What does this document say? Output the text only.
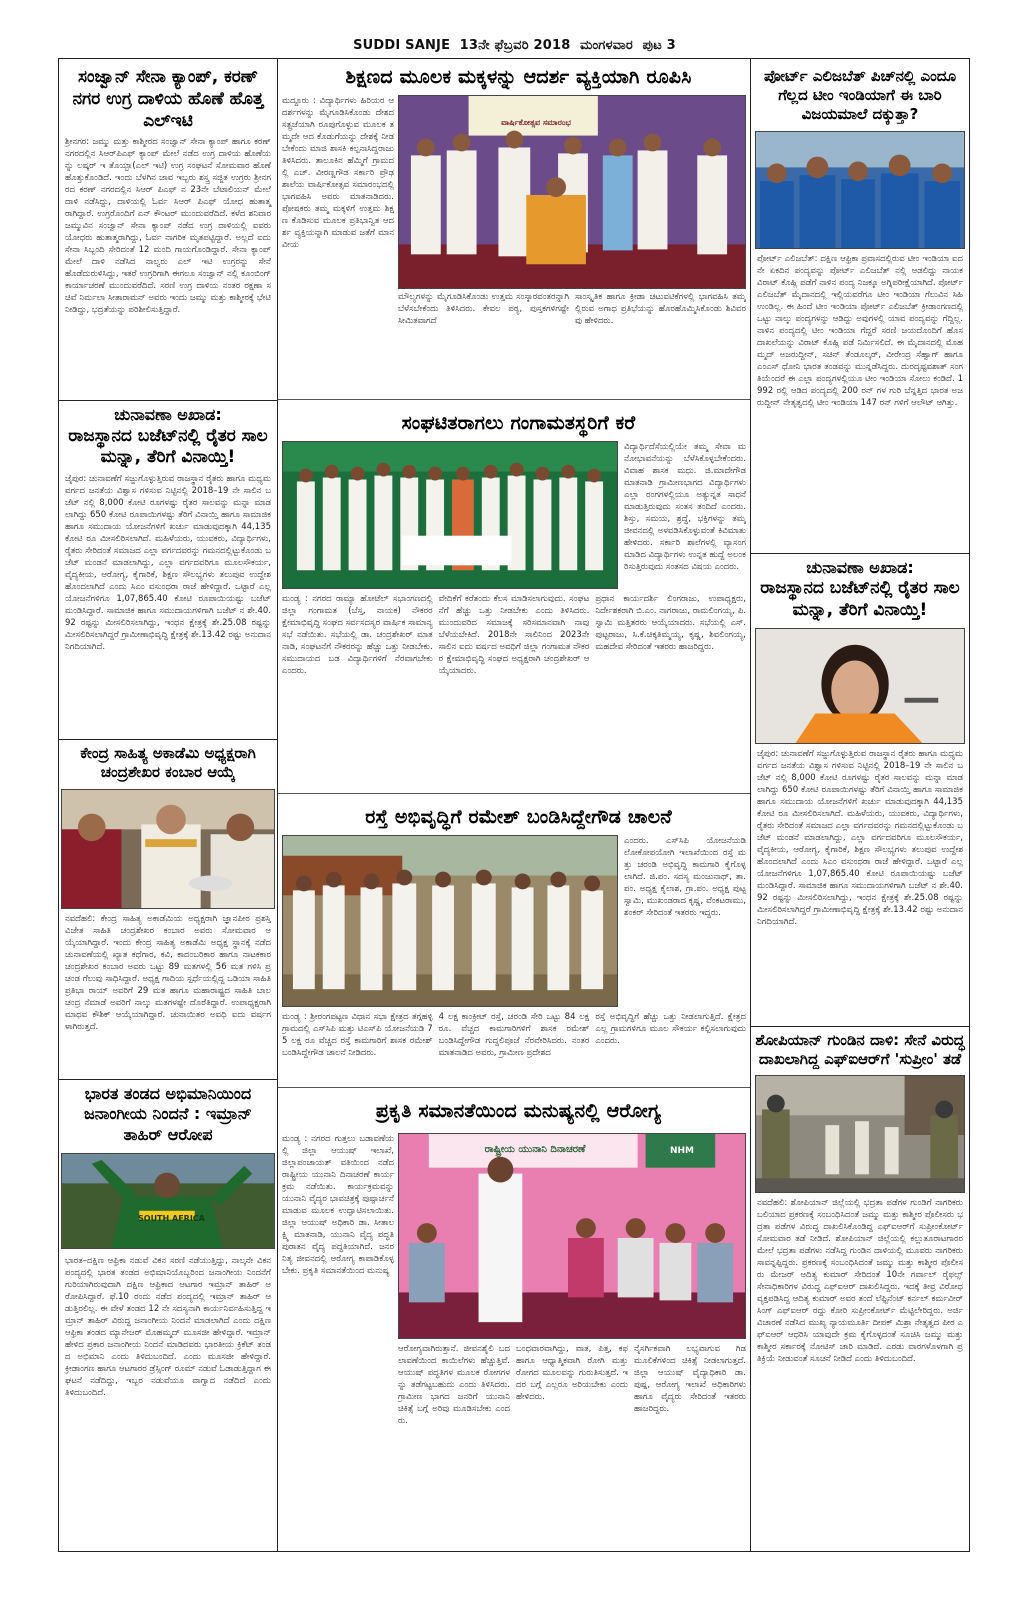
SUDDI SANJE 13ನೇ ಫೆಬ್ರವರಿ 2018 ಮಂಗಳವಾರ ಪುಟ 3

ಸಂಜ್ವಾನ್ ಸೇನಾ ಕ್ಯಾಂಪ್, ಕರಣ್ ನಗರ ಉಗ್ರ ದಾಳಿಯ ಹೊಣೆ ಹೊತ್ತ ಎಲ್ಇಟಿ

ಶ್ರೀನಗರ: ಜಮ್ಮು ಮತ್ತು ಕಾಶ್ಮೀರದ ಸಂಜ್ವಾನ್ ಸೇನಾ ಕ್ಯಾಂಪ್ ಹಾಗೂ ಕರಣ್ ನಗರದಲ್ಲಿನ ಸಿಆರ್‌ಪಿಎಫ್ ಕ್ಯಾಂಪ್ ಮೇಲೆ ನಡೆದ ಉಗ್ರ ದಾಳಿಯ ಹೊಣೆಯನ್ನು ಲಷ್ಕರ್ ಇ ತೊಯ್ಬಾ(ಎಲ್ ಇಟಿ) ಉಗ್ರ ಸಂಘಟನೆ ಸೋಮವಾರ ಹೊಣೆ ಹೊತ್ತುಕೊಂಡಿದೆ. ಇಂದು ಬೆಳಗಿನ ಜಾವ ಇಬ್ಬರು ಶಸ್ತ್ರ ಸಜ್ಜಿತ ಉಗ್ರರು ಶ್ರೀನಗರದ ಕರಣ್ ನಗರದಲ್ಲಿನ ಸಿಆರ್ ಪಿಎಫ್ ನ 23ನೇ ಬೆಟಾಲಿಯನ್ ಮೇಲೆ ದಾಳಿ ನಡೆಸಿದ್ದು, ದಾಳಿಯಲ್ಲಿ ಓರ್ವ ಸಿಆರ್ ಪಿಎಫ್ ಯೋಧ ಹುತಾತ್ಮರಾಗಿದ್ದಾರೆ. ಉಗ್ರರೊಂದಿಗೆ ಎನ್ ಕೌಂಟರ್ ಮುಂದುವರೆದಿದೆ. ಕಳೆದ ಶನಿವಾರ ಜಮ್ಮುವಿನ ಸಂಜ್ವಾನ್ ಸೇನಾ ಕ್ಯಾಂಪ್ ನಡೆದ ಉಗ್ರ ದಾಳಿಯಲ್ಲಿ ಐವರು ಯೋಧರು ಹುತಾತ್ಮರಾಗಿದ್ದು, ಓರ್ವ ನಾಗರಿಕ ಮೃತಪಟ್ಟಿದ್ದಾರೆ. ಅಲ್ಲದೆ ಐದು ಸೇನಾ ಸಿಬ್ಬಂದಿ ಸೇರಿದಂತೆ 12 ಮಂದಿ ಗಾಯಗೊಂಡಿದ್ದಾರೆ. ಸೇನಾ ಕ್ಯಾಂಪ್ ಮೇಲೆ ದಾಳಿ ನಡೆಸಿದ ನಾಲ್ವರು ಎಲ್ ಇಟಿ ಉಗ್ರರನ್ನು ಸೇನೆ ಹೊಡೆದುರುಳಿಸಿದ್ದು, ಇತರೆ ಉಗ್ರರಿಗಾಗಿ ಈಗಲೂ ಸಂಜ್ವಾನ್ ನಲ್ಲಿ ಕೂಂಬಿಂಗ್ ಕಾರ್ಯಾಚರಣೆ ಮುಂದುವರೆದಿದೆ. ಸರಣಿ ಉಗ್ರ ದಾಳಿಯ ನಂತರ ರಕ್ಷಣಾ ಸಚಿವೆ ನಿರ್ಮಲಾ ಸೀತಾರಾಮನ್ ಅವರು ಇಂದು ಜಮ್ಮು ಮತ್ತು ಕಾಶ್ಮೀರಕ್ಕೆ ಭೇಟಿ ನೀಡಿದ್ದು, ಭದ್ರತೆಯನ್ನು ಪರಿಶೀಲಿಸುತ್ತಿದ್ದಾರೆ.

ಚುನಾವಣಾ ಅಖಾಡ:

ರಾಜಸ್ಥಾನದ ಬಜೆಟ್‌ನಲ್ಲಿ ರೈತರ ಸಾಲ ಮನ್ನಾ, ತೆರಿಗೆ ವಿನಾಯ್ತಿ!

ಜೈಪುರ: ಚುನಾವಣೆಗೆ ಸಜ್ಜುಗೊಳ್ಳುತ್ತಿರುವ ರಾಜಸ್ಥಾನ ರೈತರು ಹಾಗೂ ಮಧ್ಯಮವರ್ಗದ ಜನತೆಯ ವಿಶ್ವಾಸ ಗಳಿಸುವ ನಿಟ್ಟಿನಲ್ಲಿ 2018–19 ನೇ ಸಾಲಿನ ಬಜೆಟ್ ನಲ್ಲಿ 8,000 ಕೋಟಿ ರೂಗಳಷ್ಟು ರೈತರ ಸಾಲವನ್ನು ಮನ್ನಾ ಮಾಡಲಾಗಿದ್ದು 650 ಕೋಟಿ ರೂಪಾಯಿಗಳಷ್ಟು ತೆರಿಗೆ ವಿನಾಯ್ತಿ ಹಾಗೂ ಸಾಮಾಜಿಕ ಹಾಗೂ ಸಮುದಾಯ ಯೋಜನೆಗಳಿಗೆ ಖರ್ಚು ಮಾಡುವುದಕ್ಕಾಗಿ 44,135 ಕೋಟಿ ರೂ ಮೀಸಲಿರಿಸಲಾಗಿದೆ. ಮಹಿಳೆಯರು, ಯುವಕರು, ವಿದ್ಯಾರ್ಥಿಗಳು, ರೈತರು ಸೇರಿದಂತೆ ಸಮಾಜದ ಎಲ್ಲಾ ವರ್ಗದವರನ್ನು ಗಮನದಲ್ಲಿಟ್ಟುಕೊಂಡು ಬಜೆಟ್ ಮಂಡನೆ ಮಾಡಲಾಗಿದ್ದು, ಎಲ್ಲಾ ವರ್ಗದವರಿಗೂ ಮೂಲಸೌಕರ್ಯ, ವೈದ್ಯಕೀಯ, ಆರೋಗ್ಯ, ಕೈಗಾರಿಕೆ, ಶಿಕ್ಷಣ ಸೌಲಭ್ಯಗಳು ತಲುಪುವ ಉದ್ದೇಶ ಹೊಂದಲಾಗಿದೆ ಎಂದು ಸಿಎಂ ವಸುಂಧರಾ ರಾಜೆ ಹೇಳಿದ್ದಾರೆ. ಒಟ್ಟಾರೆ ಎಲ್ಲ ಯೋಜನೆಗಳಿಗೂ 1,07,865.40 ಕೋಟಿ ರೂಪಾಯಿಯಷ್ಟು ಬಜೆಟ್ ಮಂಡಿಸಿದ್ದಾರೆ. ಸಾಮಾಜಿಕ ಹಾಗೂ ಸಮುದಾಯಗಳಿಗಾಗಿ ಬಜೆಟ್ ನ ಶೇ.40.92 ರಷ್ಟನ್ನು ಮೀಸಲಿರಿಸಲಾಗಿದ್ದು, ಇಂಧನ ಕ್ಷೇತ್ರಕ್ಕೆ ಶೇ.25.08 ರಷ್ಟನ್ನು ಮೀಸಲಿರಿಸಲಾಗಿದ್ದರೆ ಗ್ರಾಮೀಣಾಭಿವೃದ್ಧಿ ಕ್ಷೇತ್ರಕ್ಕೆ ಶೇ.13.42 ರಷ್ಟು ಅನುದಾನ ನಿಗದಿಯಾಗಿದೆ.

ಕೇಂದ್ರ ಸಾಹಿತ್ಯ ಅಕಾಡೆಮಿ ಅಧ್ಯಕ್ಷರಾಗಿ ಚಂದ್ರಶೇಖರ ಕಂಬಾರ ಆಯ್ಕೆ

ನವದೆಹಲಿ: ಕೇಂದ್ರ ಸಾಹಿತ್ಯ ಅಕಾಡೆಮಿಯ ಅಧ್ಯಕ್ಷರಾಗಿ ಜ್ಞಾನಪೀಠ ಪ್ರಶಸ್ತಿ ವಿಜೇತ ಸಾಹಿತಿ ಚಂದ್ರಶೇಖರ ಕಂಬಾರ ಅವರು ಸೋಮವಾರ ಆಯ್ಕೆಯಾಗಿದ್ದಾರೆ. ಇಂದು ಕೇಂದ್ರ ಸಾಹಿತ್ಯ ಅಕಾಡೆಮಿ ಅಧ್ಯಕ್ಷ ಸ್ಥಾನಕ್ಕೆ ನಡೆದ ಚುನಾವಣೆಯಲ್ಲಿ ಖ್ಯಾತ ಕಥೆಗಾರ, ಕವಿ, ಕಾದಂಬರಿಕಾರ ಹಾಗೂ ನಾಟಕಕಾರ ಚಂದ್ರಶೇಖರ ಕಂಬಾರ ಅವರು ಒಟ್ಟು 89 ಮತಗಳಲ್ಲಿ 56 ಮತ ಗಳಿಸಿ ಪ್ರಚಂಡ ಗೆಲುವು ಸಾಧಿಸಿದ್ದಾರೆ. ಅಧ್ಯಕ್ಷ ಗಾದಿಯ ಸ್ಪರ್ಧೆಯಲ್ಲಿದ್ದ ಒಡಿಯಾ ಸಾಹಿತಿ ಪ್ರತಿಭಾ ರಾಯ್ ಅವರಿಗೆ 29 ಮತ ಹಾಗೂ ಮಹಾರಾಷ್ಟ್ರದ ಸಾಹಿತಿ ಬಾಲಚಂದ್ರ ನೆಮಾಡೆ ಅವರಿಗೆ ನಾಲ್ಕು ಮತಗಳಷ್ಟೇ ದೊರೆತಿದ್ದಾರೆ. ಉಪಾಧ್ಯಕ್ಷರಾಗಿ ಮಾಧವ ಕೌಶಿಕ್ ಆಯ್ಕೆಯಾಗಿದ್ದಾರೆ. ಚುನಾಯಿತರ ಅವಧಿ ಐದು ವರ್ಷಗಳಾಗಿರುತ್ತದೆ.

ಭಾರತ ತಂಡದ ಅಭಿಮಾನಿಯಿಂದ ಜನಾಂಗೀಯ ನಿಂದನೆ : ಇಮ್ರಾನ್ ತಾಹಿರ್ ಆರೋಪ

SOUTH AFRICA

ಭಾರತ–ದಕ್ಷಿಣ ಆಫ್ರಿಕಾ ನಡುವೆ ವಿಕನ ಸರಣಿ ನಡೆಯುತ್ತಿದ್ದು, ನಾಲ್ಕನೇ ವಿಕನ ಪಂದ್ಯದಲ್ಲಿ ಭಾರತ ತಂಡದ ಅಭಿಮಾನಿಯೊಬ್ಬರಿಂದ ಜನಾಂಗೀಯ ನಿಂದನೆಗೆ ಗುರಿಯಾಗಿರುವುದಾಗಿ ದಕ್ಷಿಣ ಆಫ್ರಿಕಾದ ಆಟಗಾರ ಇಮ್ರಾನ್ ತಾಹಿರ್ ಆರೋಪಿಸಿದ್ದಾರೆ. ಫೆ.10 ರಂದು ನಡೆದ ಪಂದ್ಯದಲ್ಲಿ ಇಮ್ರಾನ್ ತಾಹಿರ್ ಆಡುತ್ತಿರಲಿಲ್ಲ. ಈ ವೇಳೆ ತಂಡದ 12 ನೇ ಸದಸ್ಯನಾಗಿ ಕಾರ್ಯನಿರ್ವಹಿಸುತ್ತಿದ್ದ ಇಮ್ರಾನ್ ತಾಹಿರ್ ವಿರುದ್ಧ ಜನಾಂಗೀಯ ನಿಂದನೆ ಮಾಡಲಾಗಿದೆ ಎಂದು ದಕ್ಷಿಣ ಆಫ್ರಿಕಾ ತಂಡದ ಮ್ಯಾನೇಜರ್ ಮೊಹಮ್ಮದ್ ಮೂಸಜೀ ಹೇಳಿದ್ದಾರೆ. ಇಮ್ರಾನ್ ಹೇಳಿದ ಪ್ರಕಾರ ಜನಾಂಗೀಯ ನಿಂದನೆ ಮಾಡಿದವರು ಭಾರತೀಯ ಕ್ರಿಕೆಟ್ ತಂಡದ ಅಭಿಮಾನಿ ಎಂದು ತಿಳಿದುಬಂದಿದೆ. ಎಂದು ಮೂಸಜೀ ಹೇಳಿದ್ದಾರೆ. ಕ್ರೀಡಾಂಗಣ ಹಾಗೂ ಆಟಗಾರರ ಡ್ರೆಸ್ಸಿಂಗ್ ರೂಮ್ ನಡುವೆ ಓಡಾಡುತ್ತಿದ್ದಾಗ ಈ ಘಟನೆ ನಡೆದಿದ್ದು, ಇಬ್ಬರ ನಡುವೆಯೂ ವಾಗ್ವಾದ ನಡೆದಿದೆ ಎಂದು ತಿಳಿದುಬಂದಿದೆ.

ಶಿಕ್ಷಣದ ಮೂಲಕ ಮಕ್ಕಳನ್ನು ಆದರ್ಶ ವ್ಯಕ್ತಿಯಾಗಿ ರೂಪಿಸಿ

ಮದ್ದೂರು : ವಿದ್ಯಾರ್ಥಿಗಳು ಹಿರಿಯರ ಆದರ್ಶಗಳನ್ನು ಮೈಗೂಡಿಸಿಕೊಂಡು ದೇಶದ ಸತ್ಪ್ರಜೆಯಾಗಿ ರೂಪುಗೊಳ್ಳುವ ಮೂಲಕ ತಮ್ಮದೇ ಆದ ಕೊಡುಗೆಯನ್ನು ದೇಶಕ್ಕೆ ನೀಡಬೇಕೆಂದು ಮಾಜಿ ಶಾಸಕಿ ಕಲ್ಪನಾಸಿದ್ದರಾಜು ತಿಳಿಸಿದರು. ತಾಲೂಕಿನ ಹೆಮ್ಮಿಗೆ ಗ್ರಾಮದಲ್ಲಿ ಎಚ್. ವೀರಣ್ಣಗೌಡ ಸರ್ಕಾರಿ ಪ್ರೌಢಶಾಲೆಯ ವಾರ್ಷಿಕೋತ್ಸವ ಸಮಾರಂಭದಲ್ಲಿ ಭಾಗವಹಿಸಿ ಅವರು ಮಾತನಾಡಿದರು. ಪೋಷಕರು ತಮ್ಮ ಮಕ್ಕಳಿಗೆ ಉತ್ತಮ ಶಿಕ್ಷಣ ಕೊಡಿಸುವ ಮೂಲಕ ಪ್ರತಿಭಾನ್ವಿತ ಆದರ್ಶ ವ್ಯಕ್ತಿಯನ್ನಾಗಿ ಮಾಡುವ ಜತೆಗೆ ಮಾನವೀಯ

ವಾರ್ಷಿಕೋತ್ಸವ ಸಮಾರಂಭ

ಮೌಲ್ಯಗಳನ್ನು ಮೈಗೂಡಿಸಿಕೊಂಡು ಉತ್ತಮ ಸಂಸ್ಕಾರವಂತರನ್ನಾಗಿ ಬೆಳೆಸಬೇಕೆಂದು ತಿಳಿಸಿದರು. ಕೇವಲ ಪಠ್ಯ, ಪುಸ್ತಕಗಳಿಗಷ್ಟೇ ಸೀಮಿತವಾಗದೆ

ಸಾಂಸ್ಕೃತಿಕ ಹಾಗೂ ಕ್ರೀಡಾ ಚಟುವಟಿಕೆಗಳಲ್ಲಿ ಭಾಗವಹಿಸಿ ತಮ್ಮಲ್ಲಿರುವ ಅಗಾಧ ಪ್ರತಿಭೆಯನ್ನು ಹೊರಹೊಮ್ಮಿಸಿಕೊಂಡು ಶಿವಿವರವು ಹೇಳಿದರು.

ಸಂಘಟಿತರಾಗಲು ಗಂಗಾಮತಸ್ಥರಿಗೆ ಕರೆ

ವಿದ್ಯಾರ್ಥಿದೆಸೆಯಲ್ಲಿಯೇ ತಮ್ಮ ಸೇವಾ ಮನೋಭಾವನೆಯನ್ನು ಬೆಳೆಸಿಕೊಳ್ಳಬೇಕೆಂದರು. ವಿವಾಹ ಶಾಸಕ ಮಧು. ಜಿ.ಮಾದೇಗೌಡ ಮಾತನಾಡಿ ಗ್ರಾಮೀಣಭಾಗದ ವಿದ್ಯಾರ್ಥಿಗಳು ಎಲ್ಲಾ ರಂಗಗಳಲ್ಲಿಯೂ ಅತ್ಯುನ್ನತ ಸಾಧನೆ ಮಾಡುತ್ತಿರುವುದು ಸಂತಸ ತಂದಿದೆ ಎಂದರು. ಶಿಸ್ತು, ಸಮಯ, ಶ್ರದ್ಧೆ, ಭಕ್ತಿಗಳನ್ನು ತಮ್ಮ ಜೀವನದಲ್ಲಿ ಅಳವಡಿಸಿಕೊಳ್ಳುವಂತೆ ಕಿವಿಮಾತು ಹೇಳಿದರು. ಸರ್ಕಾರಿ ಶಾಲೆಗಳಲ್ಲಿ ವ್ಯಾಸಂಗ ಮಾಡಿದ ವಿದ್ಯಾರ್ಥಿಗಳು ಉನ್ನತ ಹುದ್ದೆ ಅಲಂಕರಿಸುತ್ತಿರುವುದು ಸಂತಸದ ವಿಷಯ ಎಂದರು.

ಮಂಡ್ಯ : ನಗರದ ರಾಮ್ಯಾ ಹೋಟೆಲ್ ಸಭಾಂಗಣದಲ್ಲಿ ಜಿಲ್ಲಾ ಗಂಗಾಮತ (ಬೆಸ್ತ, ನಾಯಕ) ನೌಕರರ ಕ್ಷೇಮಾಭಿವೃದ್ಧಿ ಸಂಘದ ಸರ್ವಸದಸ್ಯರ ವಾರ್ಷಿಕ ಸಾಮಾನ್ಯ ಸಭೆ ನಡೆಯಿತು. ಸಭೆಯಲ್ಲಿ ಡಾ. ಚಂದ್ರಶೇಖರ್ ಮಾತನಾಡಿ, ಸಂಘಟನೆಗೆ ನೌಕರರನ್ನು ಹೆಚ್ಚು ಒತ್ತು ನೀಡಬೇಕು. ಸಮುದಾಯದ ಬಡ ವಿದ್ಯಾರ್ಥಿಗಳಿಗೆ ನೆರವಾಗಬೇಕು ಎಂದರು.

ವೇದಿಕೆಗೆ ಕರೆತಂದು ಕೆಲಸ ಮಾಡಿಸಲಾಗುವುದು. ಸಂಘಟನೆಗೆ ಹೆಚ್ಚು ಒತ್ತು ನೀಡಬೇಕು ಎಂದು ತಿಳಿಸಿದರು. ಮುಂದುವರಿದ ಸಮಾಜಕ್ಕೆ ಸರಿಸಮಾನವಾಗಿ ನಾವು ಬೆಳೆಯಬೇಕಿದೆ. 2018ನೇ ಸಾಲಿನಿಂದ 2023ನೇ ಸಾಲಿನ ಐದು ವರ್ಷದ ಅವಧಿಗೆ ಜಿಲ್ಲಾ ಗಂಗಾಮತ ನೌಕರರ ಕ್ಷೇಮಾಭಿವೃದ್ಧಿ ಸಂಘದ ಅಧ್ಯಕ್ಷರಾಗಿ ಚಂದ್ರಶೇಖರ್ ಆಯ್ಕೆಯಾದರು.

ಪ್ರಧಾನ ಕಾರ್ಯದರ್ಶಿ ಲಿಂಗರಾಜು, ಉಪಾಧ್ಯಕ್ಷರು, ನಿರ್ದೇಶಕರಾಗಿ ಬಿ.ಎಂ. ನಾಗರಾಜು, ರಾಮಲಿಂಗಯ್ಯ, ಪಿ.ಸ್ವಾಮಿ ಮತ್ತಿತರರು ಆಯ್ಕೆಯಾದರು. ಸಭೆಯಲ್ಲಿ ಎಸ್.ಪುಟ್ಟರಾಜು, ಸಿ.ಕೆ.ಚಿಕ್ಕತಿಮ್ಮಯ್ಯ, ಕೃಷ್ಣ, ಶಿವಲಿಂಗಯ್ಯ, ಮಹದೇವ ಸೇರಿದಂತೆ ಇತರರು ಹಾಜರಿದ್ದರು.

ರಸ್ತೆ ಅಭಿವೃದ್ಧಿಗೆ ರಮೇಶ್ ಬಂಡಿಸಿದ್ದೇಗೌಡ ಚಾಲನೆ

ಎಂದರು. ಎಸ್‌ಸಿಪಿ ಯೋಜನೆಯಡಿ ಲೋಕೋಪಯೋಗಿ ಇಲಾಖೆಯಿಂದ ರಸ್ತೆ ಮತ್ತು ಚರಂಡಿ ಅಭಿವೃದ್ಧಿ ಕಾಮಗಾರಿ ಕೈಗೊಳ್ಳಲಾಗಿದೆ. ಜಿ.ಪಂ. ಸದಸ್ಯ ಮಂಜುನಾಥ್, ತಾ.ಪಂ. ಅಧ್ಯಕ್ಷ ಕೈಲಾಶ, ಗ್ರಾ.ಪಂ. ಅಧ್ಯಕ್ಷ ಪುಟ್ಟಸ್ವಾಮಿ, ಮುಖಂಡರಾದ ಕೃಷ್ಣ, ವೆಂಕಟರಾಮು, ಶಂಕರ್ ಸೇರಿದಂತೆ ಇತರರು ಇದ್ದರು.

ಮಂಡ್ಯ : ಶ್ರೀರಂಗಪಟ್ಟಣ ವಿಧಾನ ಸಭಾ ಕ್ಷೇತ್ರದ ತಗ್ಗಹಳ್ಳಿ ಗ್ರಾಮದಲ್ಲಿ ಎಸ್‌ಸಿಪಿ ಮತ್ತು ಟಿಎಸ್‌ಪಿ ಯೋಜನೆಯಡಿ 75 ಲಕ್ಷ ರೂ ವೆಚ್ಚದ ರಸ್ತೆ ಕಾಮಗಾರಿಗೆ ಶಾಸಕ ರಮೇಶ್ ಬಂಡಿಸಿದ್ದೇಗೌಡ ಚಾಲನೆ ನೀಡಿದರು.

4 ಲಕ್ಷ ಕಾಂಕ್ರೀಟ್ ರಸ್ತೆ, ಚರಂಡಿ ಸೇರಿ ಒಟ್ಟು 84 ಲಕ್ಷ ರೂ. ವೆಚ್ಚದ ಕಾಮಗಾರಿಗಳಿಗೆ ಶಾಸಕ ರಮೇಶ್ ಬಂಡಿಸಿದ್ದೇಗೌಡ ಗುದ್ದಲಿಪೂಜೆ ನೆರವೇರಿಸಿದರು. ನಂತರ ಮಾತನಾಡಿದ ಅವರು, ಗ್ರಾಮೀಣ ಪ್ರದೇಶದ

ರಸ್ತೆ ಅಭಿವೃದ್ಧಿಗೆ ಹೆಚ್ಚು ಒತ್ತು ನೀಡಲಾಗುತ್ತಿದೆ. ಕ್ಷೇತ್ರದ ಎಲ್ಲ ಗ್ರಾಮಗಳಿಗೂ ಮೂಲ ಸೌಕರ್ಯ ಕಲ್ಪಿಸಲಾಗುವುದು ಎಂದರು.

ಪ್ರಕೃತಿ ಸಮಾನತೆಯಿಂದ ಮನುಷ್ಯನಲ್ಲಿ ಆರೋಗ್ಯ

ಮಂಡ್ಯ : ನಗರದ ಗುತ್ತಲು ಬಡಾವಣೆಯಲ್ಲಿ ಜಿಲ್ಲಾ ಆಯುಷ್ ಇಲಾಖೆ, ಜಿಲ್ಲಾಪಂಚಾಯತ್ ವತಿಯಿಂದ ನಡೆದ ರಾಷ್ಟ್ರೀಯ ಯುನಾನಿ ದಿನಾಚರಣೆ ಕಾರ್ಯಕ್ರಮ ನಡೆಯಿತು. ಕಾರ್ಯಕ್ರಮವನ್ನು ಯುನಾನಿ ವೈದ್ಯರ ಭಾವಚಿತ್ರಕ್ಕೆ ಪುಷ್ಪಾರ್ಚನೆ ಮಾಡುವ ಮೂಲಕ ಉದ್ಘಾಟಿಸಲಾಯಿತು. ಜಿಲ್ಲಾ ಆಯುಷ್ ಅಧಿಕಾರಿ ಡಾ. ಸೀತಾಲಕ್ಷ್ಮಿ ಮಾತನಾಡಿ, ಯುನಾನಿ ವೈದ್ಯ ಪದ್ಧತಿ ಪುರಾತನ ವೈದ್ಯ ಪದ್ಧತಿಯಾಗಿದೆ. ಜನರ ನಿತ್ಯ ಜೀವನದಲ್ಲಿ ಆರೋಗ್ಯ ಕಾಪಾಡಿಕೊಳ್ಳಬೇಕು. ಪ್ರಕೃತಿ ಸಮಾನತೆಯಿಂದ ಮನುಷ್ಯ

ರಾಷ್ಟ್ರೀಯ ಯುನಾನಿ ದಿನಾಚರಣೆ	NHM

ಆರೋಗ್ಯವಾಗಿರುತ್ತಾನೆ. ಜೀವನಶೈಲಿ ಬದಲಾವಣೆಯಿಂದ ಕಾಯಿಲೆಗಳು ಹೆಚ್ಚುತ್ತಿವೆ. ಆಯುಷ್ ಪದ್ಧತಿಗಳ ಮೂಲಕ ರೋಗಗಳನ್ನು ತಡೆಗಟ್ಟಬಹುದು ಎಂದು ತಿಳಿಸಿದರು. ಗ್ರಾಮೀಣ ಭಾಗದ ಜನರಿಗೆ ಯುನಾನಿ ಚಿಕಿತ್ಸೆ ಬಗ್ಗೆ ಅರಿವು ಮೂಡಿಸಬೇಕು ಎಂದರು.

ಬಂಧವಾರವಾಗಿದ್ದು, ವಾತ, ಪಿತ್ತ, ಕಫ ಹಾಗೂ ಆಧ್ಯಾತ್ಮಿಕವಾಗಿ ರೋಗಿ ಮತ್ತು ರೋಗದ ಮೂಲವನ್ನು ಗುರುತಿಸುತ್ತದೆ. ಇದರ ಬಗ್ಗೆ ಎಲ್ಲರೂ ಅರಿಯಬೇಕು ಎಂದು ಹೇಳಿದರು.

ನೈಸರ್ಗಿಕವಾಗಿ ಲಭ್ಯವಾಗುವ ಗಿಡ ಮೂಲಿಕೆಗಳಿಂದ ಚಿಕಿತ್ಸೆ ನೀಡಲಾಗುತ್ತದೆ. ಜಿಲ್ಲಾ ಆಯುಷ್ ವೈದ್ಯಾಧಿಕಾರಿ ಡಾ. ಪುಷ್ಪ, ಆರೋಗ್ಯ ಇಲಾಖೆ ಅಧಿಕಾರಿಗಳು ಹಾಗೂ ವೈದ್ಯರು ಸೇರಿದಂತೆ ಇತರರು ಹಾಜರಿದ್ದರು.

ಪೋರ್ಟ್ ಎಲಿಜಬೆತ್ ಪಿಚ್‌ನಲ್ಲಿ ಎಂದೂ ಗೆಲ್ಲದ ಟೀಂ ಇಂಡಿಯಾಗೆ ಈ ಬಾರಿ ವಿಜಯಮಾಲೆ ದಕ್ಕುತ್ತಾ?

ಪೋರ್ಟ್ ಎಲಿಜಬೆತ್: ದಕ್ಷಿಣ ಆಫ್ರಿಕಾ ಪ್ರವಾಸದಲ್ಲಿರುವ ಟೀಂ ಇಂಡಿಯಾ ಐದನೇ ಏಕದಿನ ಪಂದ್ಯವನ್ನು ಪೋರ್ಟ್ ಎಲಿಜಬೆತ್ ನಲ್ಲಿ ಆಡಲಿದ್ದು ನಾಯಕ ವಿರಾಟ್ ಕೊಹ್ಲಿ ಪಡೆಗೆ ನಾಳಿನ ಪಂದ್ಯ ನಿಜಕ್ಕೂ ಅಗ್ನಿಪರೀಕ್ಷೆಯಾಗಿದೆ. ಪೋರ್ಟ್ ಎಲಿಜಬೆತ್ ಮೈದಾನದಲ್ಲಿ ಇಲ್ಲಿಯವರೆಗೂ ಟೀಂ ಇಂಡಿಯಾ ಗೆಲುವಿನ ಸಿಹಿ ಉಂಡಿಲ್ಲ. ಈ ಹಿಂದೆ ಟೀಂ ಇಂಡಿಯಾ ಪೋರ್ಟ್ ಎಲಿಜಬೆತ್ ಕ್ರೀಡಾಂಗಣದಲ್ಲಿ ಒಟ್ಟು ನಾಲ್ಕು ಪಂದ್ಯಗಳನ್ನು ಆಡಿದ್ದು ಅವುಗಳಲ್ಲಿ ಯಾವ ಪಂದ್ಯವನ್ನು ಗೆದ್ದಿಲ್ಲ. ನಾಳಿನ ಪಂದ್ಯದಲ್ಲಿ ಟೀಂ ಇಂಡಿಯಾ ಗೆದ್ದರೆ ಸರಣಿ ಜಯದೊಂದಿಗೆ ಹೊಸ ದಾಖಲೆಯನ್ನು ವಿರಾಟ್ ಕೊಹ್ಲಿ ಪಡೆ ನಿರ್ಮಿಸಲಿದೆ. ಈ ಮೈದಾನದಲ್ಲಿ ಮೊಹಮ್ಮದ್ ಅಜರುದ್ದೀನ್, ಸಚಿನ್ ತೆಂಡೂಲ್ಕರ್, ವೀರೇಂದ್ರ ಸೆಹ್ವಾಗ್ ಹಾಗೂ ಎಂಎಸ್ ಧೋನಿ ಭಾರತ ತಂಡವನ್ನು ಮುನ್ನಡೆಸಿದ್ದರು. ದುರದೃಷ್ಟವಶಾತ್ ಸಂಗತಿಯೆಂದರೆ ಈ ಎಲ್ಲಾ ಪಂದ್ಯಗಳಲ್ಲಿಯೂ ಟೀಂ ಇಂಡಿಯಾ ಸೋಲು ಕಂಡಿದೆ. 1992 ರಲ್ಲಿ ಆಡಿದ ಪಂದ್ಯದಲ್ಲಿ 200 ರನ್ ಗಳ ಗುರಿ ಬೆನ್ನತ್ತಿದ ಭಾರತ ಅಜರುದ್ದೀನ್ ನೇತೃತ್ವದಲ್ಲಿ ಟೀಂ ಇಂಡಿಯಾ 147 ರನ್ ಗಳಿಗೆ ಆಲೌಟ್ ಆಗಿತ್ತು.

ಚುನಾವಣಾ ಅಖಾಡ:

ರಾಜಸ್ಥಾನದ ಬಜೆಟ್‌ನಲ್ಲಿ ರೈತರ ಸಾಲ ಮನ್ನಾ, ತೆರಿಗೆ ವಿನಾಯ್ತಿ!

ಜೈಪುರ: ಚುನಾವಣೆಗೆ ಸಜ್ಜುಗೊಳ್ಳುತ್ತಿರುವ ರಾಜಸ್ಥಾನ ರೈತರು ಹಾಗೂ ಮಧ್ಯಮವರ್ಗದ ಜನತೆಯ ವಿಶ್ವಾಸ ಗಳಿಸುವ ನಿಟ್ಟಿನಲ್ಲಿ 2018–19 ನೇ ಸಾಲಿನ ಬಜೆಟ್ ನಲ್ಲಿ 8,000 ಕೋಟಿ ರೂಗಳಷ್ಟು ರೈತರ ಸಾಲವನ್ನು ಮನ್ನಾ ಮಾಡಲಾಗಿದ್ದು 650 ಕೋಟಿ ರೂಪಾಯಿಗಳಷ್ಟು ತೆರಿಗೆ ವಿನಾಯ್ತಿ ಹಾಗೂ ಸಾಮಾಜಿಕ ಹಾಗೂ ಸಮುದಾಯ ಯೋಜನೆಗಳಿಗೆ ಖರ್ಚು ಮಾಡುವುದಕ್ಕಾಗಿ 44,135 ಕೋಟಿ ರೂ ಮೀಸಲಿರಿಸಲಾಗಿದೆ. ಮಹಿಳೆಯರು, ಯುವಕರು, ವಿದ್ಯಾರ್ಥಿಗಳು, ರೈತರು ಸೇರಿದಂತೆ ಸಮಾಜದ ಎಲ್ಲಾ ವರ್ಗದವರನ್ನು ಗಮನದಲ್ಲಿಟ್ಟುಕೊಂಡು ಬಜೆಟ್ ಮಂಡನೆ ಮಾಡಲಾಗಿದ್ದು, ಎಲ್ಲಾ ವರ್ಗದವರಿಗೂ ಮೂಲಸೌಕರ್ಯ, ವೈದ್ಯಕೀಯ, ಆರೋಗ್ಯ, ಕೈಗಾರಿಕೆ, ಶಿಕ್ಷಣ ಸೌಲಭ್ಯಗಳು ತಲುಪುವ ಉದ್ದೇಶ ಹೊಂದಲಾಗಿದೆ ಎಂದು ಸಿಎಂ ವಸುಂಧರಾ ರಾಜೆ ಹೇಳಿದ್ದಾರೆ. ಒಟ್ಟಾರೆ ಎಲ್ಲ ಯೋಜನೆಗಳಿಗೂ 1,07,865.40 ಕೋಟಿ ರೂಪಾಯಿಯಷ್ಟು ಬಜೆಟ್ ಮಂಡಿಸಿದ್ದಾರೆ. ಸಾಮಾಜಿಕ ಹಾಗೂ ಸಮುದಾಯಗಳಿಗಾಗಿ ಬಜೆಟ್ ನ ಶೇ.40.92 ರಷ್ಟನ್ನು ಮೀಸಲಿರಿಸಲಾಗಿದ್ದು, ಇಂಧನ ಕ್ಷೇತ್ರಕ್ಕೆ ಶೇ.25.08 ರಷ್ಟನ್ನು ಮೀಸಲಿರಿಸಲಾಗಿದ್ದರೆ ಗ್ರಾಮೀಣಾಭಿವೃದ್ಧಿ ಕ್ಷೇತ್ರಕ್ಕೆ ಶೇ.13.42 ರಷ್ಟು ಅನುದಾನ ನಿಗದಿಯಾಗಿದೆ.

ಶೋಪಿಯಾನ್ ಗುಂಡಿನ ದಾಳಿ: ಸೇನೆ ವಿರುದ್ಧ ದಾಖಲಾಗಿದ್ದ ಎಫ್ಐಆರ್‌ಗೆ 'ಸುಪ್ರೀಂ' ತಡೆ

ನವದೆಹಲಿ: ಶೋಪಿಯಾನ್ ಜಿಲ್ಲೆಯಲ್ಲಿ ಭದ್ರತಾ ಪಡೆಗಳ ಗುಂಡಿಗೆ ನಾಗರಿಕರು ಬಲಿಯಾದ ಪ್ರಕರಣಕ್ಕೆ ಸಂಬಂಧಿಸಿದಂತೆ ಜಮ್ಮು ಮತ್ತು ಕಾಶ್ಮೀರ ಪೊಲೀಸರು ಭದ್ರತಾ ಪಡೆಗಳ ವಿರುದ್ಧ ದಾಖಲಿಸಿಕೊಂಡಿದ್ದ ಎಫ್ಐಆರ್‌ಗೆ ಸುಪ್ರೀಂಕೋರ್ಟ್ ಸೋಮವಾರ ತಡೆ ನೀಡಿದೆ. ಶೋಪಿಯಾನ್ ಜಿಲ್ಲೆಯಲ್ಲಿ ಕಲ್ಲುತೂರಾಟಗಾರರ ಮೇಲೆ ಭದ್ರತಾ ಪಡೆಗಳು ನಡೆಸಿದ್ದ ಗುಂಡಿನ ದಾಳಿಯಲ್ಲಿ ಮೂವರು ನಾಗರಿಕರು ಸಾವನ್ನಪ್ಪಿದ್ದರು. ಪ್ರಕರಣಕ್ಕೆ ಸಂಬಂಧಿಸಿದಂತೆ ಜಮ್ಮು ಮತ್ತು ಕಾಶ್ಮೀರ ಪೊಲೀಸರು ಮೇಜರ್ ಆದಿತ್ಯ ಕುಮಾರ್ ಸೇರಿದಂತೆ 10ನೇ ಗರ್ವಾಲ್ ರೈಫಲ್ಸ್ ಸೇನಾಧಿಕಾರಿಗಳ ವಿರುದ್ಧ ಎಫ್ಐಆರ್ ದಾಖಲಿಸಿದ್ದರು. ಇದಕ್ಕೆ ತೀವ್ರ ವಿರೋಧ ವ್ಯಕ್ತಪಡಿಸಿದ್ದ ಆದಿತ್ಯ ಕುಮಾರ್ ಅವರ ತಂದೆ ಲೆಫ್ಟಿನೆಂಟ್ ಕರ್ನಲ್ ಕರ್ಮವೀರ್ ಸಿಂಗ್ ಎಫ್ಐಆರ್ ರದ್ದು ಕೋರಿ ಸುಪ್ರೀಂಕೋರ್ಟ್ ಮೆಟ್ಟಿಲೇರಿದ್ದರು. ಅರ್ಜಿ ವಿಚಾರಣೆ ನಡೆಸಿದ ಮುಖ್ಯ ನ್ಯಾಯಮೂರ್ತಿ ದೀಪಕ್ ಮಿಶ್ರಾ ನೇತೃತ್ವದ ಪೀಠ ಎಫ್ಐಆರ್ ಆಧರಿಸಿ ಯಾವುದೇ ಕ್ರಮ ಕೈಗೊಳ್ಳದಂತೆ ಸೂಚಿಸಿ ಜಮ್ಮು ಮತ್ತು ಕಾಶ್ಮೀರ ಸರ್ಕಾರಕ್ಕೆ ನೋಟಿಸ್ ಜಾರಿ ಮಾಡಿದೆ. ಎರಡು ವಾರಗಳೊಳಗಾಗಿ ಪ್ರತಿಕ್ರಿಯೆ ನೀಡುವಂತೆ ಸೂಚನೆ ನೀಡಿದೆ ಎಂದು ತಿಳಿದುಬಂದಿದೆ.
